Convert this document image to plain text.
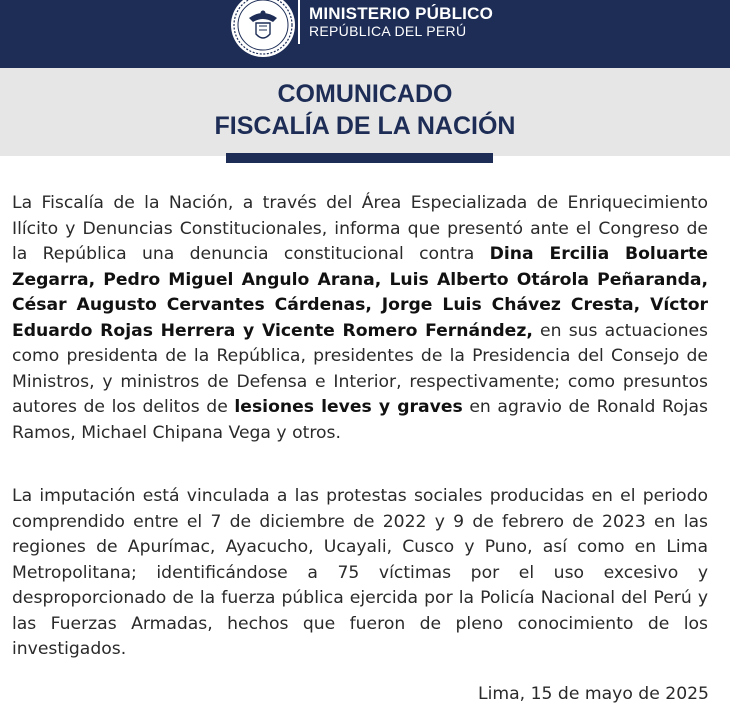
MINISTERIO PÚBLICO
REPÚBLICA DEL PERÚ
COMUNICADO
FISCALÍA DE LA NACIÓN
La Fiscalía de la Nación, a través del Área Especializada de Enriquecimiento Ilícito y Denuncias Constitucionales, informa que presentó ante el Congreso de la República una denuncia constitucional contra Dina Ercilia Boluarte Zegarra, Pedro Miguel Angulo Arana, Luis Alberto Otárola Peñaranda, César Augusto Cervantes Cárdenas, Jorge Luis Chávez Cresta, Víctor Eduardo Rojas Herrera y Vicente Romero Fernández, en sus actuaciones como presidenta de la República, presidentes de la Presidencia del Consejo de Ministros, y ministros de Defensa e Interior, respectivamente; como presuntos autores de los delitos de lesiones leves y graves en agravio de Ronald Rojas Ramos, Michael Chipana Vega y otros.
La imputación está vinculada a las protestas sociales producidas en el periodo comprendido entre el 7 de diciembre de 2022 y 9 de febrero de 2023 en las regiones de Apurímac, Ayacucho, Ucayali, Cusco y Puno, así como en Lima Metropolitana; identificándose a 75 víctimas por el uso excesivo y desproporcionado de la fuerza pública ejercida por la Policía Nacional del Perú y las Fuerzas Armadas, hechos que fueron de pleno conocimiento de los investigados.
Lima, 15 de mayo de 2025
